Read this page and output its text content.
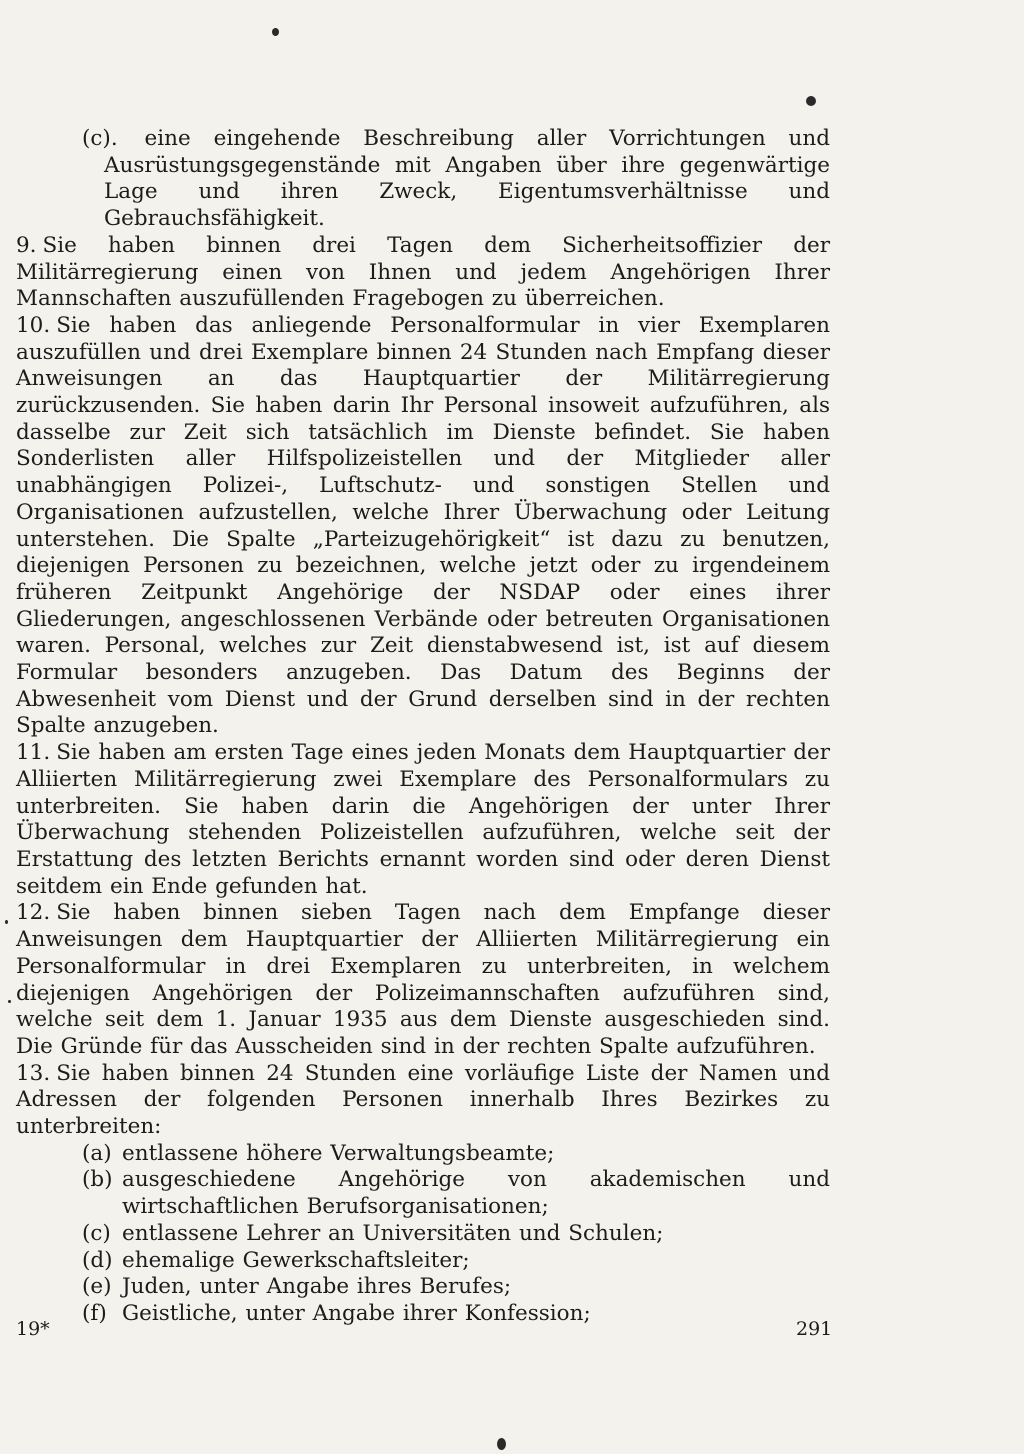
(c). eine eingehende Beschreibung aller Vorrichtungen und Ausrüstungsgegenstände mit Angaben über ihre gegenwärtige Lage und ihren Zweck, Eigentumsverhältnisse und Gebrauchsfähigkeit.

9. Sie haben binnen drei Tagen dem Sicherheitsoffizier der Militärregierung einen von Ihnen und jedem Angehörigen Ihrer Mannschaften auszufüllenden Fragebogen zu überreichen.

10. Sie haben das anliegende Personalformular in vier Exemplaren auszufüllen und drei Exemplare binnen 24 Stunden nach Empfang dieser Anweisungen an das Hauptquartier der Militärregierung zurückzusenden. Sie haben darin Ihr Personal insoweit aufzuführen, als dasselbe zur Zeit sich tatsächlich im Dienste befindet. Sie haben Sonderlisten aller Hilfspolizeistellen und der Mitglieder aller unabhängigen Polizei-, Luftschutz- und sonstigen Stellen und Organisationen aufzustellen, welche Ihrer Überwachung oder Leitung unterstehen. Die Spalte „Parteizugehörigkeit“ ist dazu zu benutzen, diejenigen Personen zu bezeichnen, welche jetzt oder zu irgendeinem früheren Zeitpunkt Angehörige der NSDAP oder eines ihrer Gliederungen, angeschlossenen Verbände oder betreuten Organisationen waren. Personal, welches zur Zeit dienstabwesend ist, ist auf diesem Formular besonders anzugeben. Das Datum des Beginns der Abwesenheit vom Dienst und der Grund derselben sind in der rechten Spalte anzugeben.

11. Sie haben am ersten Tage eines jeden Monats dem Hauptquartier der Alliierten Militärregierung zwei Exemplare des Personalformulars zu unterbreiten. Sie haben darin die Angehörigen der unter Ihrer Überwachung stehenden Polizeistellen aufzuführen, welche seit der Erstattung des letzten Berichts ernannt worden sind oder deren Dienst seitdem ein Ende gefunden hat.

12. Sie haben binnen sieben Tagen nach dem Empfange dieser Anweisungen dem Hauptquartier der Alliierten Militärregierung ein Personalformular in drei Exemplaren zu unterbreiten, in welchem diejenigen Angehörigen der Polizeimannschaften aufzuführen sind, welche seit dem 1. Januar 1935 aus dem Dienste ausgeschieden sind. Die Gründe für das Ausscheiden sind in der rechten Spalte aufzuführen.

13. Sie haben binnen 24 Stunden eine vorläufige Liste der Namen und Adressen der folgenden Personen innerhalb Ihres Bezirkes zu unterbreiten:

(a) entlassene höhere Verwaltungsbeamte;
(b) ausgeschiedene Angehörige von akademischen und wirtschaftlichen Berufsorganisationen;
(c) entlassene Lehrer an Universitäten und Schulen;
(d) ehemalige Gewerkschaftsleiter;
(e) Juden, unter Angabe ihres Berufes;
(f) Geistliche, unter Angabe ihrer Konfession;
19*	291
